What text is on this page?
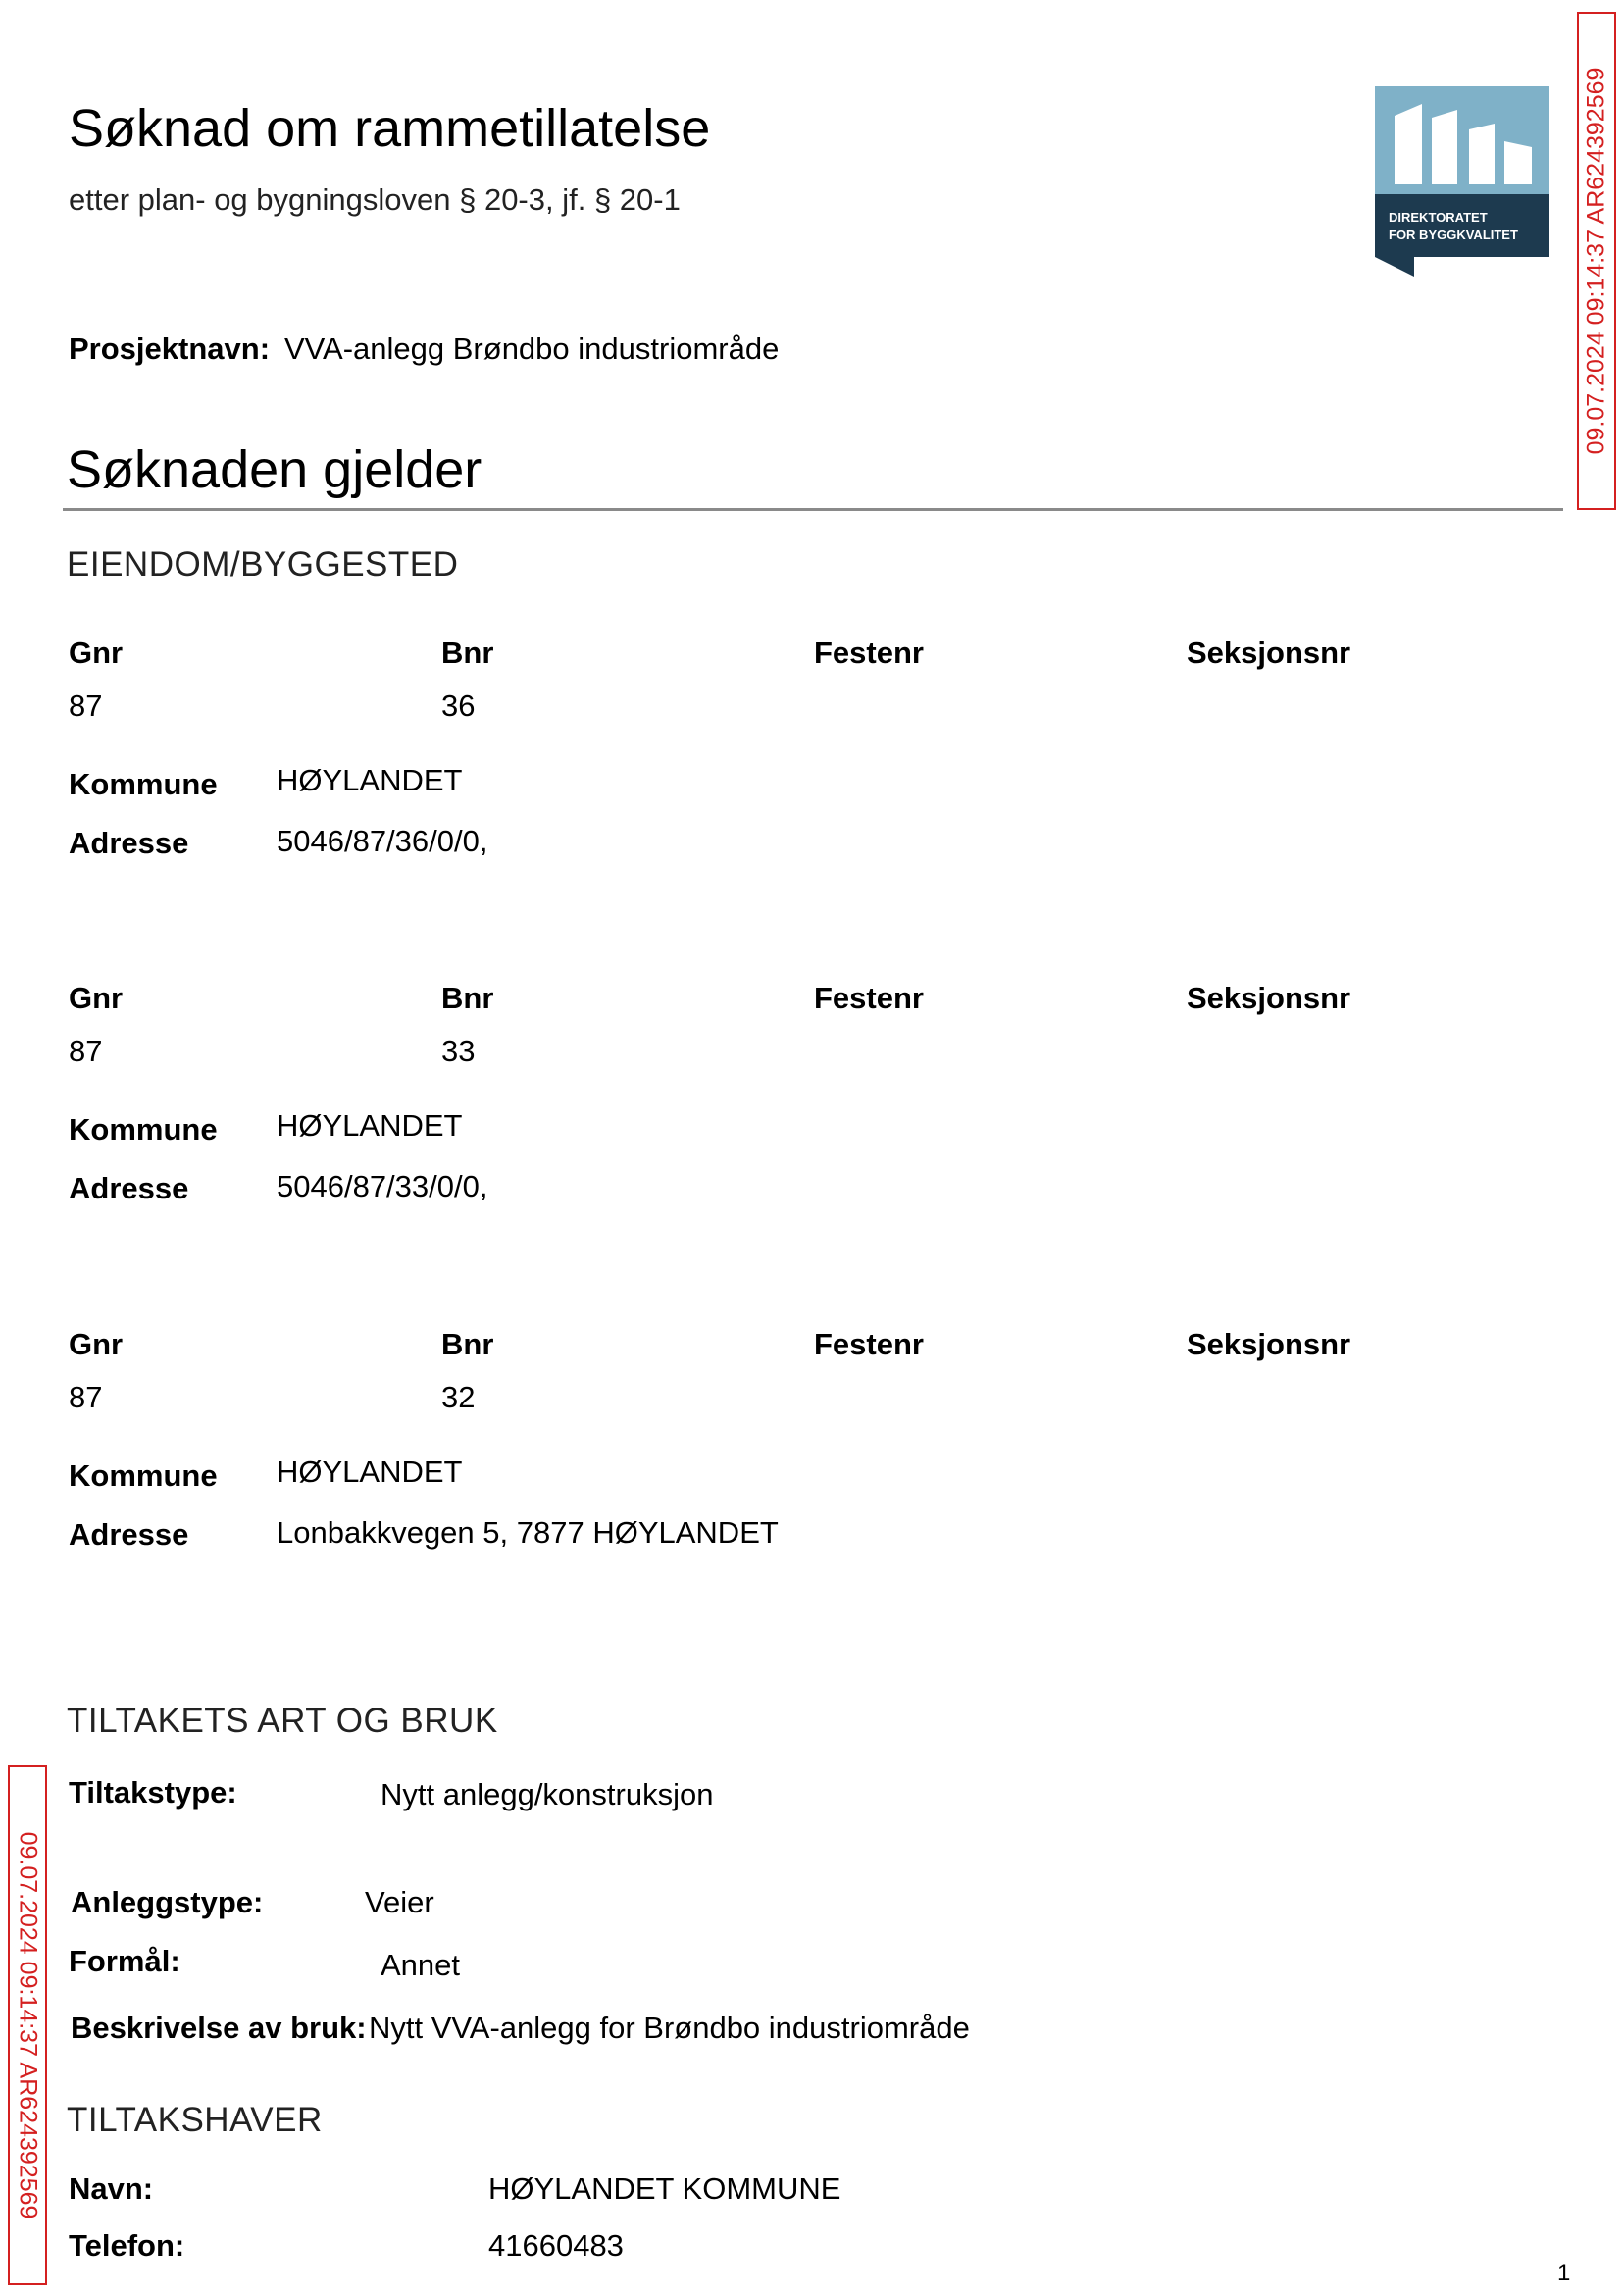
Søknad om rammetillatelse
etter plan- og bygningsloven § 20-3, jf. § 20-1
DIREKTORATET
FOR BYGGKVALITET	09.07.2024 09:14:37 AR624392569
Prosjektnavn: VVA-anlegg Brøndbo industriområde
Søknaden gjelder
EIENDOM/BYGGESTED
Gnr	Bnr	Festenr	Seksjonsnr
87	36
Kommune HØYLANDET
Adresse	5046/87/36/0/0,
Gnr	Bnr	Festenr	Seksjonsnr
87	33
Kommune HØYLANDET
Adresse	5046/87/33/0/0,
Gnr	Bnr	Festenr	Seksjonsnr
87	32
Kommune HØYLANDET
Adresse	Lonbakkvegen 5, 7877 HØYLANDET
TILTAKETS ART OG BRUK
Tiltakstype:	Nytt anlegg/konstruksjon
Anleggstype:	Veier
Formål:	Annet
Beskrivelse av bruk: Nytt VVA-anlegg for Brøndbo industriområde
09.07.2024 09:14:37 AR624392569 TILTAKSHAVER
Navn:	HØYLANDET KOMMUNE
Telefon:	41660483
1
